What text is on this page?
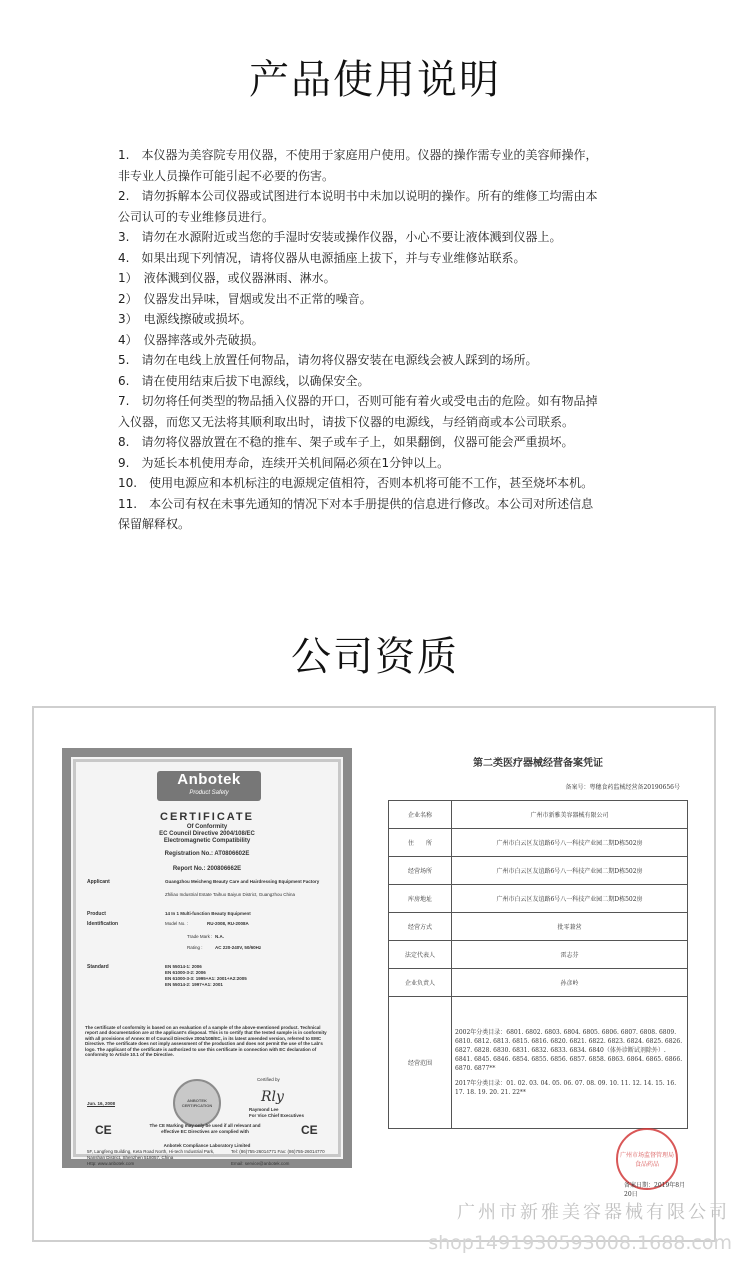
产品使用说明

1.　本仪器为美容院专用仪器，不使用于家庭用户使用。仪器的操作需专业的美容师操作，非专业人员操作可能引起不必要的伤害。

2.　请勿拆解本公司仪器或试图进行本说明书中未加以说明的操作。所有的维修工均需由本公司认可的专业维修员进行。

3.　请勿在水源附近或当您的手湿时安装或操作仪器，小心不要让液体溅到仪器上。

4.　如果出现下列情况，请将仪器从电源插座上拔下，并与专业维修站联系。

1）　液体溅到仪器，或仪器淋雨、淋水。

2）　仪器发出异味，冒烟或发出不正常的噪音。

3）　电源线擦破或损坏。

4）　仪器摔落或外壳破损。

5.　请勿在电线上放置任何物品，请勿将仪器安装在电源线会被人踩到的场所。

6.　请在使用结束后拔下电源线，以确保安全。

7.　切勿将任何类型的物品插入仪器的开口，否则可能有着火或受电击的危险。如有物品掉入仪器，而您又无法将其顺利取出时，请拔下仪器的电源线，与经销商或本公司联系。

8.　请勿将仪器放置在不稳的推车、架子或车子上，如果翻倒，仪器可能会严重损坏。

9.　为延长本机使用寿命，连续开关机间隔必须在1分钟以上。

10.　使用电源应和本机标注的电源规定值相符，否则本机将可能不工作，甚至烧坏本机。

11.　本公司有权在未事先通知的情况下对本手册提供的信息进行修改。本公司对所述信息保留解释权。

公司资质
Anbotek
Product Safety
CERTIFICATE
Of Conformity
EC Council Directive 2004/108/EC
Electromagnetic Compatibility
Registration No.: AT0806602E
Report No.: 200806662E
Applicant	Guangzhou Meicheng Beauty Care and Hairdressing Equipment Factory
Zhiliao Industrial Estate Taihuo Baiyun District, Guangzhou China
Product	14 In 1 Multi-function Beauty Equipment
Identification	Model No. :	RU-2008, RU-2008A
Trade Mark : N.A.
Rating :	AC 220-240V, 50/60Hz
Standard	EN 55014-1: 2006
EN 61000-3-2: 2006
EN 61000-3-3: 1995+A1: 2001+A2:2005
EN 55014-2: 1997+A1: 2001
The certificate of conformity is based on an evaluation of a sample of the above-mentioned product. Technical report and documentation are at the applicant's disposal. This is to certify that the tested sample is in conformity with all provisions of Annex III of Council Directive 2004/108/EC, in its latest amended version, referred to EMC Directive. The certificate does not imply assessment of the production and does not permit the use of the Lab's logo. The applicant of the certificate is authorized to use this certificate in connection with EC declaration of conformity to Article 10.1 of the Directive.
Certified by
ANBOTEK CERTIFICATION
Rly
Jun. 16, 2008
Raymond Lee
For Vice Chief Executives
CE	The CE Marking may only be used if all relevant and effective EC Directives are complied with	CE
Anbotek Compliance Laboratory Limited
5F, Langfeng Building, Keta Road North, Hi-tech Industrial Park, Nanshan District, Shenzhen 518057, China
Tel: (86)755-26014771 Fax: (86)755-26014770
Http: www.anbotek.com	Email: service@anbotek.com
第二类医疗器械经营备案凭证
备案号：粤穗食药监械经营备20190656号
企业名称	广州市新雅美容器械有限公司
住　　所	广州市白云区友谊路6号八一科技产业园二期D栋502房
经营场所	广州市白云区友谊路6号八一科技产业园二期D栋502房
库房地址	广州市白云区友谊路6号八一科技产业园二期D栋502房
经营方式	批零兼营
法定代表人	雷志芬
企业负责人	孙彦岭
经营范围	2002年分类目录：6801. 6802. 6803. 6804. 6805. 6806. 6807. 6808. 6809. 6810. 6812. 6813. 6815. 6816. 6820. 6821. 6822. 6823. 6824. 6825. 6826. 6827. 6828. 6830. 6831. 6832. 6833. 6834. 6840（体外诊断试剂除外）. 6841. 6845. 6846. 6854. 6855. 6856. 6857. 6858. 6863. 6864. 6865. 6866. 6870. 6877**
2017年分类目录：01. 02. 03. 04. 05. 06. 07. 08. 09. 10. 11. 12. 14. 15. 16. 17. 18. 19. 20. 21. 22**
广州市场监督管理局 食品药品
备案日期：2019年8月20日
广州市新雅美容器械有限公司
shop1491930593008.1688.com
